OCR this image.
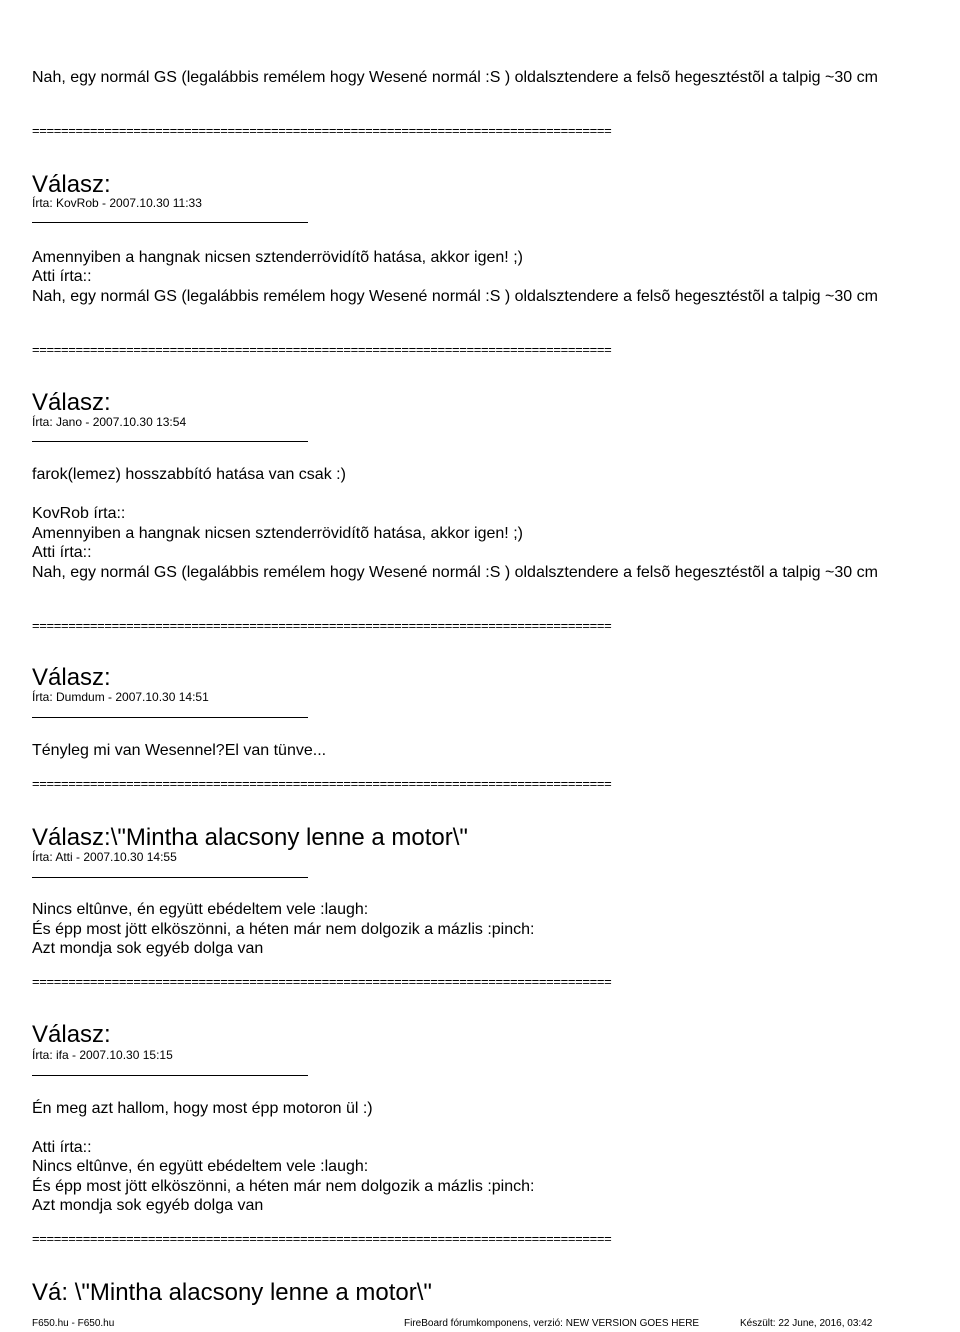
Nah, egy normál GS (legalábbis remélem hogy Wesené normál :S ) oldalsztendere a felsõ hegesztéstõl a talpig ~30 cm
================================================================================
Válasz:
Írta: KovRob - 2007.10.30 11:33
Amennyiben a hangnak nicsen sztenderrövidítõ hatása, akkor igen! ;)
Atti írta::
Nah, egy normál GS (legalábbis remélem hogy Wesené normál :S ) oldalsztendere a felsõ hegesztéstõl a talpig ~30 cm
================================================================================
Válasz:
Írta: Jano - 2007.10.30 13:54
farok(lemez) hosszabbító hatása van csak :)
KovRob írta::
Amennyiben a hangnak nicsen sztenderrövidítõ hatása, akkor igen! ;)
Atti írta::
Nah, egy normál GS (legalábbis remélem hogy Wesené normál :S ) oldalsztendere a felsõ hegesztéstõl a talpig ~30 cm
================================================================================
Válasz:
Írta: Dumdum - 2007.10.30 14:51
Tényleg mi van Wesennel?El van tünve...
================================================================================
Válasz:\"Mintha alacsony lenne a motor\"
Írta: Atti - 2007.10.30 14:55
Nincs eltûnve, én együtt ebédeltem vele :laugh:
És épp most jött elköszönni, a héten már nem dolgozik a mázlis :pinch:
Azt mondja sok egyéb dolga van
================================================================================
Válasz:
Írta: ifa - 2007.10.30 15:15
Én meg azt hallom, hogy most épp motoron ül :)
Atti írta::
Nincs eltûnve, én együtt ebédeltem vele :laugh:
És épp most jött elköszönni, a héten már nem dolgozik a mázlis :pinch:
Azt mondja sok egyéb dolga van
================================================================================
Vá: \"Mintha alacsony lenne a motor\"
F650.hu - F650.hu	FireBoard fórumkomponens, verzió: NEW VERSION GOES HERE	Készült: 22 June, 2016, 03:42
